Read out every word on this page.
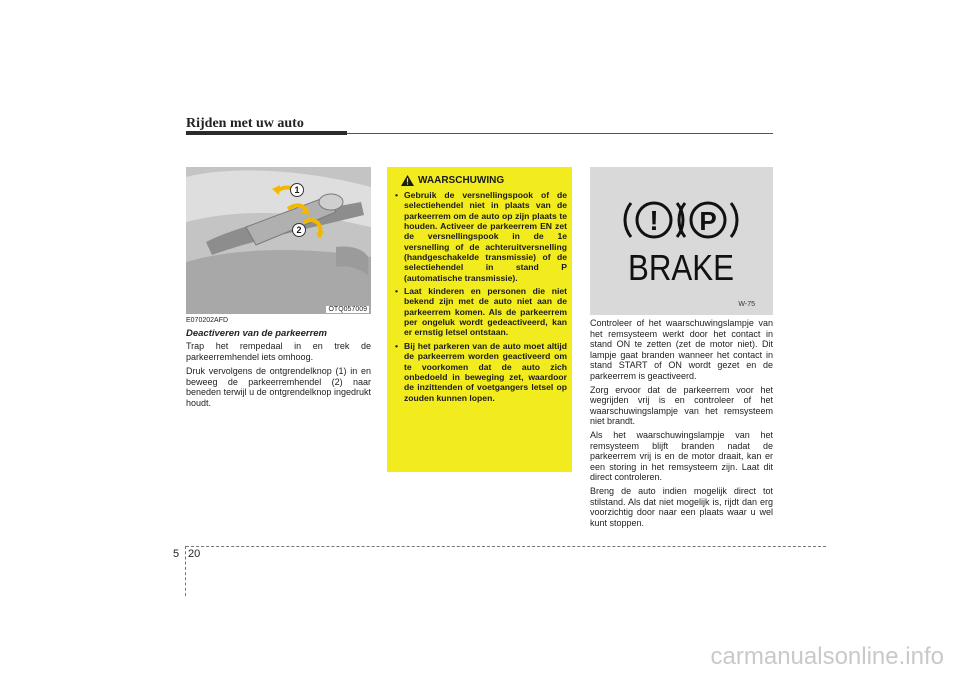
Rijden met uw auto
1
2
OTQ057009
E070202AFD
Deactiveren van de parkeerrem

Trap het rempedaal in en trek de parkeerremhendel iets omhoog.

Druk vervolgens de ontgrendelknop (1) in en beweeg de parkeerremhendel (2) naar beneden terwijl u de ontgrendelknop ingedrukt houdt.

WAARSCHUWING
• Gebruik de versnellingspook of de selectiehendel niet in plaats van de parkeerrem om de auto op zijn plaats te houden. Activeer de parkeerrem EN zet de versnellingspook in de 1e versnelling of de achteruitversnelling (handgeschakelde transmissie) of de selectiehendel in stand P (automatische transmissie).
• Laat kinderen en personen die niet bekend zijn met de auto niet aan de parkeerrem komen. Als de parkeerrem per ongeluk wordt gedeactiveerd, kan er ernstig letsel ontstaan.
• Bij het parkeren van de auto moet altijd de parkeerrem worden geactiveerd om te voorkomen dat de auto zich onbedoeld in beweging zet, waardoor de inzittenden of voetgangers letsel op zouden kunnen lopen.
! P
BRAKE
W-75

Controleer of het waarschuwingslampje van het remsysteem werkt door het contact in stand ON te zetten (zet de motor niet). Dit lampje gaat branden wanneer het contact in stand START of ON wordt gezet en de parkeerrem is geactiveerd.

Zorg ervoor dat de parkeerrem voor het wegrijden vrij is en controleer of het waarschuwingslampje van het remsysteem niet brandt.

Als het waarschuwingslampje van het remsysteem blijft branden nadat de parkeerrem vrij is en de motor draait, kan er een storing in het remsysteem zijn. Laat dit direct controleren.

Breng de auto indien mogelijk direct tot stilstand. Als dat niet mogelijk is, rijdt dan erg voorzichtig door naar een plaats waar u wel kunt stoppen.

5 20
carmanualsonline.info
